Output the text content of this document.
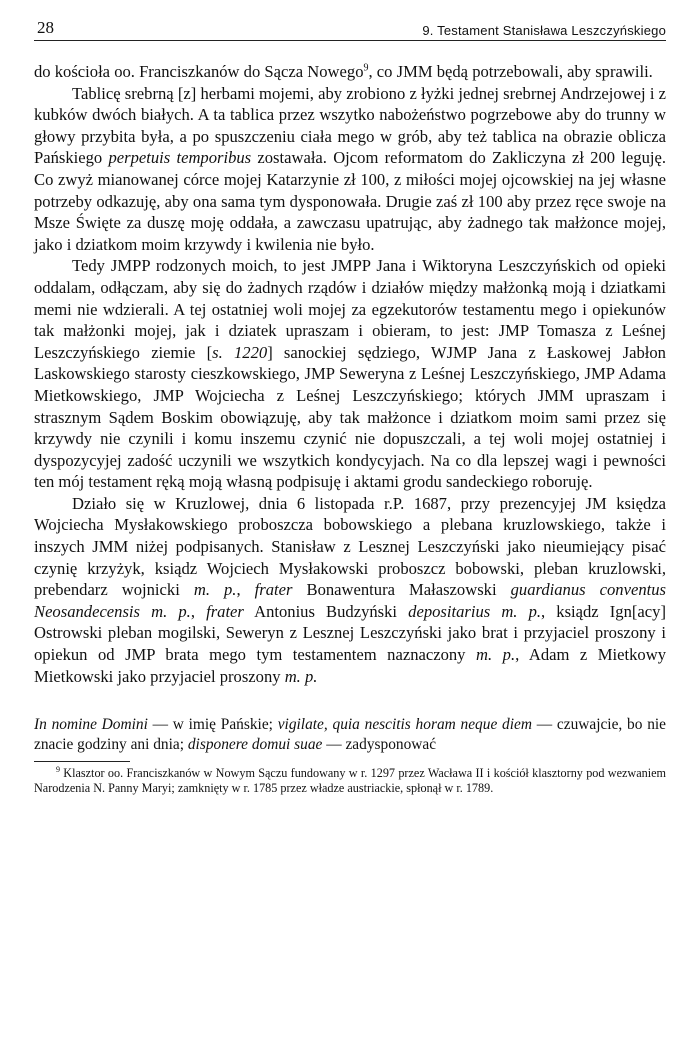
28	9. Testament Stanisława Leszczyńskiego

do kościoła oo. Franciszkanów do Sącza Nowego$^9$, co JMM będą potrzebowali, aby sprawili.

Tablicę srebrną [z] herbami mojemi, aby zrobiono z łyżki jednej srebrnej Andrzejowej i z kubków dwóch białych. A ta tablica przez wszytko nabożeństwo pogrzebowe aby do trunny w głowy przybita była, a po spuszczeniu ciała mego w grób, aby też tablica na obrazie oblicza Pańskiego perpetuis temporibus zostawała. Ojcom reformatom do Zakliczyna zł 200 leguję. Co zwyż mianowanej córce mojej Katarzynie zł 100, z miłości mojej ojcowskiej na jej własne potrzeby odkazuję, aby ona sama tym dysponowała. Drugie zaś zł 100 aby przez ręce swoje na Msze Święte za duszę moję oddała, a zawczasu upatrując, aby żadnego tak małżonce mojej, jako i dziatkom moim krzywdy i kwilenia nie było.

Tedy JMPP rodzonych moich, to jest JMPP Jana i Wiktoryna Leszczyńskich od opieki oddalam, odłączam, aby się do żadnych rządów i działów między małżonką moją i dziatkami memi nie wdzierali. A tej ostatniej woli mojej za egzekutorów testamentu mego i opiekunów tak małżonki mojej, jak i dziatek upraszam i obieram, to jest: JMP Tomasza z Leśnej Leszczyńskiego ziemie [s. 1220] sanockiej sędziego, WJMP Jana z Łaskowej Jabłon Laskowskiego starosty cieszkowskiego, JMP Seweryna z Leśnej Leszczyńskiego, JMP Adama Mietkowskiego, JMP Wojciecha z Leśnej Leszczyńskiego; których JMM upraszam i strasznym Sądem Boskim obowiązuję, aby tak małżonce i dziatkom moim sami przez się krzywdy nie czynili i komu inszemu czynić nie dopuszczali, a tej woli mojej ostatniej i dyspozycyjej zadość uczynili we wszytkich kondycyjach. Na co dla lepszej wagi i pewności ten mój testament ręką moją własną podpisuję i aktami grodu sandeckiego roboruję.

Działo się w Kruzlowej, dnia 6 listopada r.P. 1687, przy prezencyjej JM księdza Wojciecha Mysłakowskiego proboszcza bobowskiego a plebana kruzlowskiego, także i inszych JMM niżej podpisanych. Stanisław z Lesznej Leszczyński jako nieumiejący pisać czynię krzyżyk, ksiądz Wojciech Mysłakowski proboszcz bobowski, pleban kruzlowski, prebendarz wojnicki m. p., frater Bonawentura Małaszowski guardianus conventus Neosandecensis m. p., frater Antonius Budzyński depositarius m. p., ksiądz Ign[acy] Ostrowski pleban mogilski, Seweryn z Lesznej Leszczyński jako brat i przyjaciel proszony i opiekun od JMP brata mego tym testamentem naznaczony m. p., Adam z Mietkowy Mietkowski jako przyjaciel proszony m. p.

In nomine Domini — w imię Pańskie; vigilate, quia nescitis horam neque diem — czuwajcie, bo nie znacie godziny ani dnia; disponere domui suae — zadysponować
$^9$ Klasztor oo. Franciszkanów w Nowym Sączu fundowany w r. 1297 przez Wacława II i kościół klasztorny pod wezwaniem Narodzenia N. Panny Maryi; zamknięty w r. 1785 przez władze austriackie, spłonął w r. 1789.
